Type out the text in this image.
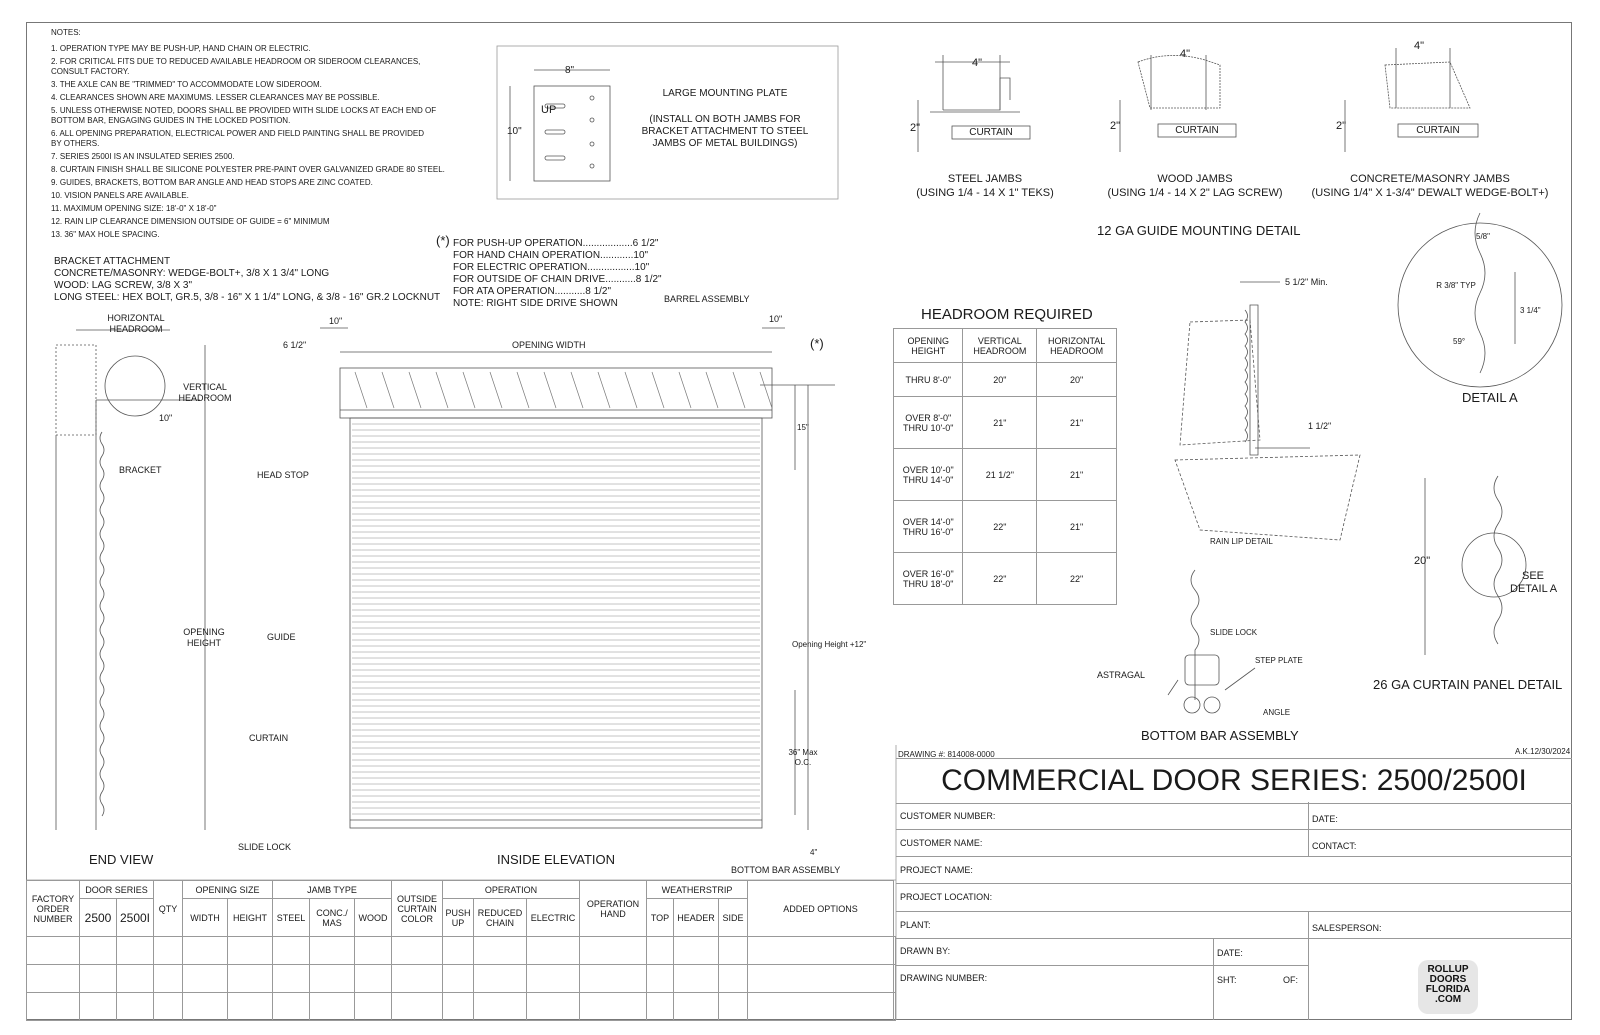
NOTES:
1. OPERATION TYPE MAY BE PUSH-UP, HAND CHAIN OR ELECTRIC.
2. FOR CRITICAL FITS DUE TO REDUCED AVAILABLE HEADROOM OR SIDEROOM CLEARANCES,
CONSULT FACTORY.
3. THE AXLE CAN BE "TRIMMED" TO ACCOMMODATE LOW SIDEROOM.
4. CLEARANCES SHOWN ARE MAXIMUMS. LESSER CLEARANCES MAY BE POSSIBLE.
5. UNLESS OTHERWISE NOTED, DOORS SHALL BE PROVIDED WITH SLIDE LOCKS AT EACH END OF
BOTTOM BAR, ENGAGING GUIDES IN THE LOCKED POSITION.
6. ALL OPENING PREPARATION, ELECTRICAL POWER AND FIELD PAINTING SHALL BE PROVIDED
BY OTHERS.
7. SERIES 2500I IS AN INSULATED SERIES 2500.
8. CURTAIN FINISH SHALL BE SILICONE POLYESTER PRE-PAINT OVER GALVANIZED GRADE 80 STEEL.
9. GUIDES, BRACKETS, BOTTOM BAR ANGLE AND HEAD STOPS ARE ZINC COATED.
10. VISION PANELS ARE AVAILABLE.
11. MAXIMUM OPENING SIZE: 18'-0" X 18'-0"
12. RAIN LIP CLEARANCE DIMENSION OUTSIDE OF GUIDE = 6" MINIMUM
13. 36" MAX HOLE SPACING.
BRACKET ATTACHMENT
CONCRETE/MASONRY: WEDGE-BOLT+, 3/8 X 1 3/4" LONG
WOOD: LAG SCREW, 3/8 X 3"
LONG STEEL: HEX BOLT, GR.5, 3/8 - 16" X 1 1/4" LONG, & 3/8 - 16" GR.2 LOCKNUT
8"
10"
UP
LARGE MOUNTING PLATE
(INSTALL ON BOTH JAMBS FOR
BRACKET ATTACHMENT TO STEEL
JAMBS OF METAL BUILDINGS)
(*) FOR PUSH-UP OPERATION..................6 1/2"
FOR HAND CHAIN OPERATION............10"
FOR ELECTRIC OPERATION.................10"
FOR OUTSIDE OF CHAIN DRIVE...........8 1/2"
FOR ATA OPERATION...........8 1/2"
NOTE: RIGHT SIDE DRIVE SHOWN
4"
2"	CURTAIN
STEEL JAMBS
(USING 1/4 - 14 X 1" TEKS)
4"
2"	CURTAIN
WOOD JAMBS
(USING 1/4 - 14 X 2" LAG SCREW)
4"
2"	CURTAIN
CONCRETE/MASONRY JAMBS
(USING 1/4" X 1-3/4" DEWALT WEDGE-BOLT+)
12 GA GUIDE MOUNTING DETAIL
HEADROOM REQUIRED
OPENING HEIGHT	VERTICAL HEADROOM	HORIZONTAL HEADROOM
THRU 8'-0"	20"	20"
OVER 8'-0" THRU 10'-0"	21"	21"
OVER 10'-0" THRU 14'-0"	21 1/2"	21"
OVER 14'-0" THRU 16'-0"	22"	21"
OVER 16'-0" THRU 18'-0"	22"	22"
5 1/2" Min.
1 1/2"
RAIN LIP DETAIL
5/8"
R 3/8" TYP
3 1/4"
59°
DETAIL A
20"
SEE
DETAIL A
26 GA CURTAIN PANEL DETAIL
SLIDE LOCK
STEP PLATE
ASTRAGAL
ANGLE
BOTTOM BAR ASSEMBLY
HORIZONTAL HEADROOM
VERTICAL HEADROOM
10"
BRACKET
OPENING HEIGHT
END VIEW
10"
6 1/2"	OPENING WIDTH
10"
(*)
BARREL ASSEMBLY
HEAD STOP
GUIDE
CURTAIN
SLIDE LOCK
BOTTOM BAR ASSEMBLY
15"
Opening Height +12"
36" Max O.C.
4"
INSIDE ELEVATION
FACTORY ORDER NUMBER	DOOR SERIES		QTY	OPENING SIZE		JAMB TYPE			OUTSIDE CURTAIN COLOR	OPERATION			OPERATION HAND	WEATHERSTRIP			ADDED OPTIONS	
	2500	2500I		WIDTH	HEIGHT	STEEL	CONC./ MAS	WOOD		PUSH UP	REDUCED CHAIN	ELECTRIC		TOP	HEADER	SIDE		

DRAWING #: 814008-0000	A.K.12/30/2024
COMMERCIAL DOOR SERIES: 2500/2500I
CUSTOMER NUMBER:	DATE:
CUSTOMER NAME:	CONTACT:
PROJECT NAME:
PROJECT LOCATION:
PLANT:	SALESPERSON:
DRAWN BY:	DATE:
DRAWING NUMBER:	SHT:	OF:
ROLLUP
DOORS
FLORIDA
.COM
